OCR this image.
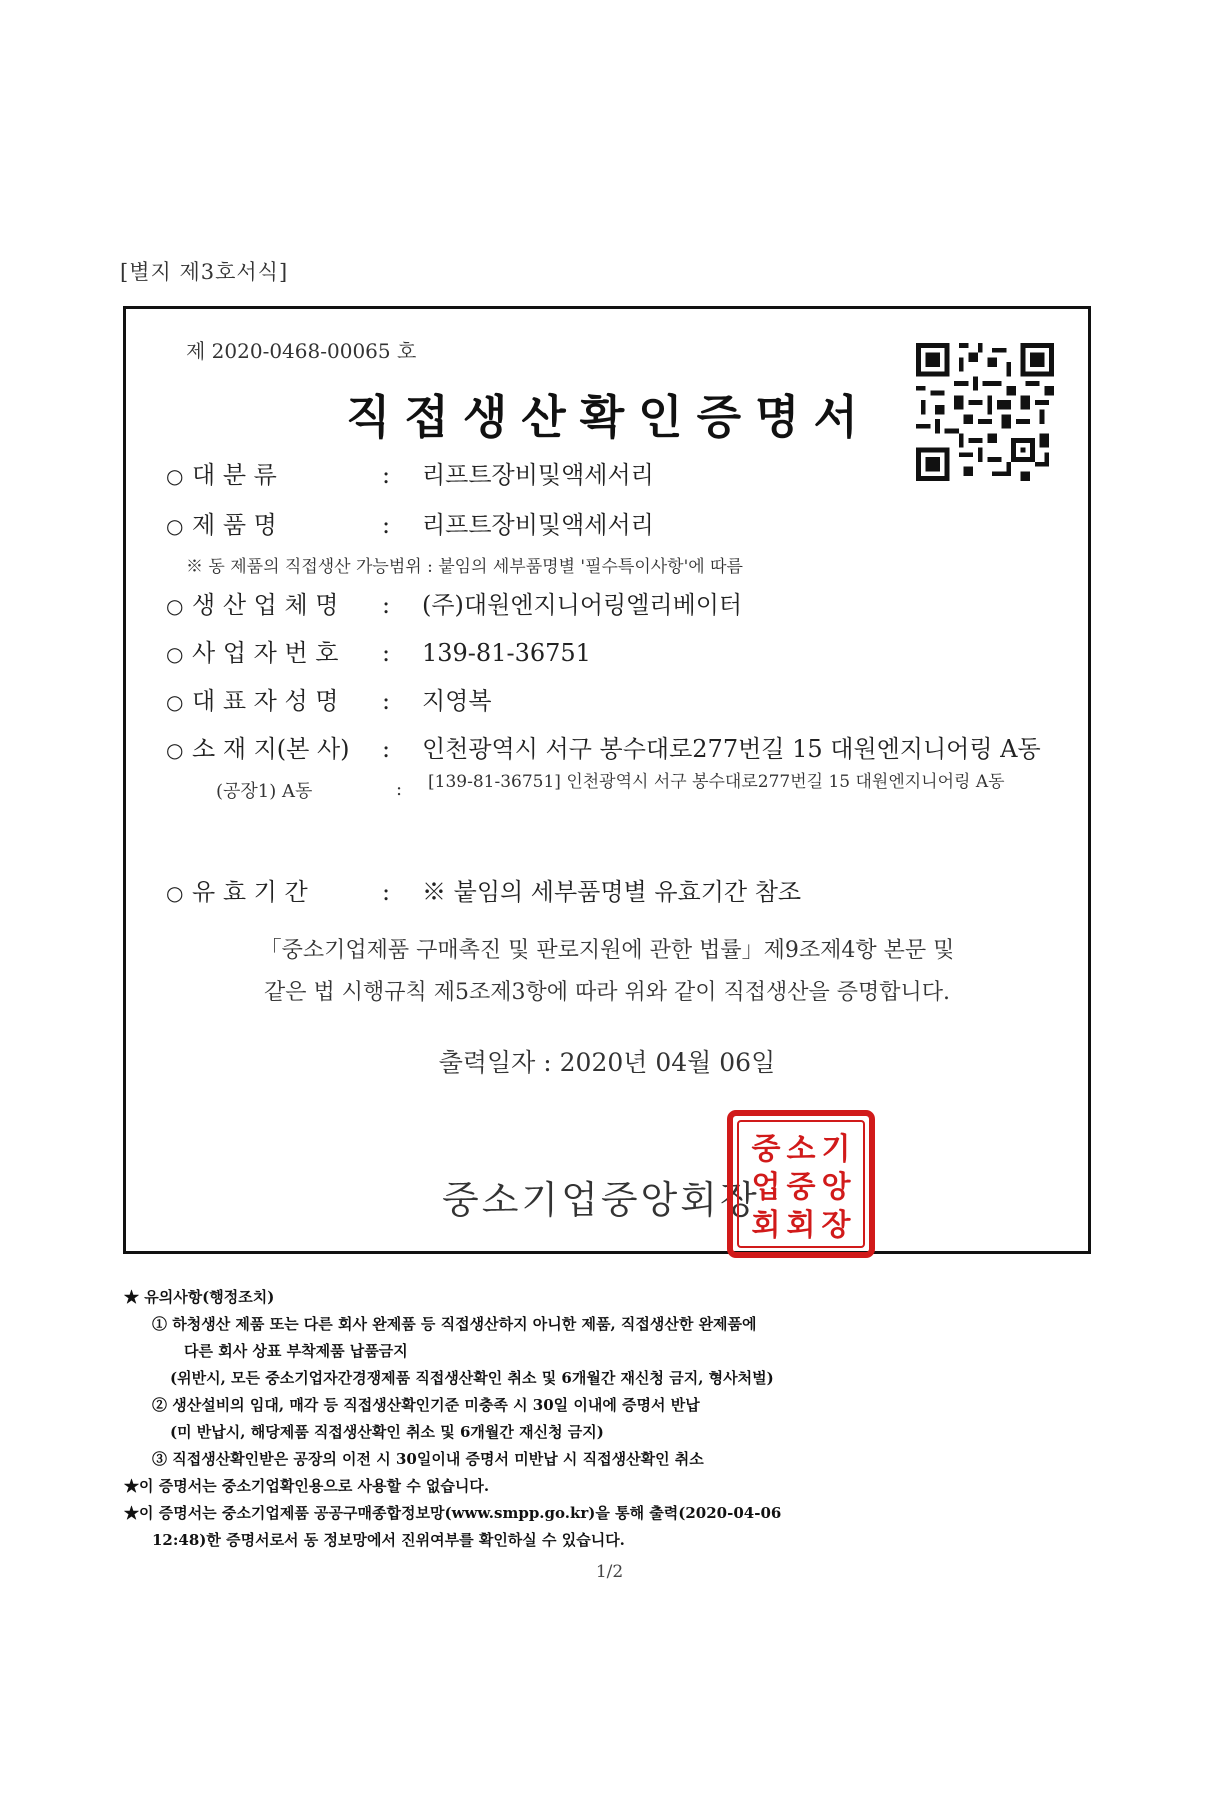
[별지 제3호서식]
제 2020-0468-00065 호
직접생산확인증명서
○ 대 분 류	: 리프트장비및액세서리
○ 제 품 명	: 리프트장비및액세서리
※ 동 제품의 직접생산 가능범위 : 붙임의 세부품명별 '필수특이사항'에 따름
○ 생 산 업 체 명 : (주)대원엔지니어링엘리베이터
○ 사 업 자 번 호 : 139-81-36751
○ 대 표 자 성 명 : 지영복
○ 소 재 지(본 사) : 인천광역시 서구 봉수대로277번길 15 대원엔지니어링 A동
(공장1) A동	: [139-81-36751] 인천광역시 서구 봉수대로277번길 15 대원엔지니어링 A동
○ 유 효 기 간	: ※ 붙임의 세부품명별 유효기간 참조
「중소기업제품 구매촉진 및 판로지원에 관한 법률」제9조제4항 본문 및
같은 법 시행규칙 제5조제3항에 따라 위와 같이 직접생산을 증명합니다.
출력일자 : 2020년 04월 06일
중소기업중앙회장
중 소 기
업 중 앙
회 회 장
★ 유의사항(행정조치)
① 하청생산 제품 또는 다른 회사 완제품 등 직접생산하지 아니한 제품, 직접생산한 완제품에
다른 회사 상표 부착제품 납품금지
(위반시, 모든 중소기업자간경쟁제품 직접생산확인 취소 및 6개월간 재신청 금지, 형사처벌)
② 생산설비의 임대, 매각 등 직접생산확인기준 미충족 시 30일 이내에 증명서 반납
(미 반납시, 해당제품 직접생산확인 취소 및 6개월간 재신청 금지)
③ 직접생산확인받은 공장의 이전 시 30일이내 증명서 미반납 시 직접생산확인 취소
★이 증명서는 중소기업확인용으로 사용할 수 없습니다.
★이 증명서는 중소기업제품 공공구매종합정보망(www.smpp.go.kr)을 통해 출력(2020-04-06
12:48)한 증명서로서 동 정보망에서 진위여부를 확인하실 수 있습니다.
1/2
